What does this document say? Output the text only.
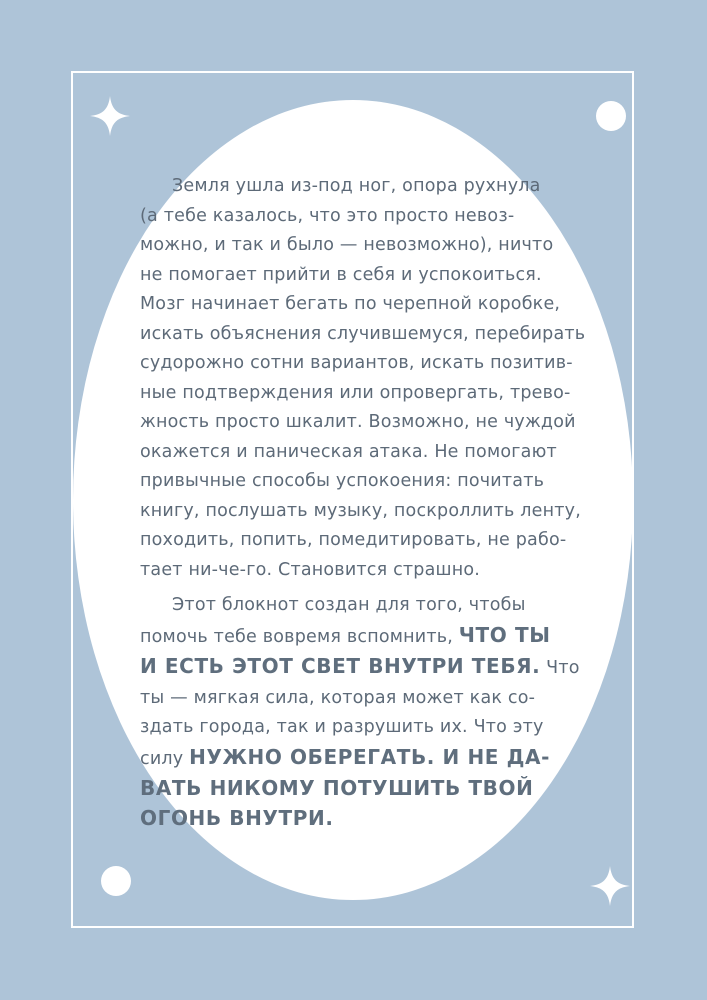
Земля ушла из-под ног, опора рухнула
(а тебе казалось, что это просто невоз-
можно, и так и было — невозможно), ничто
не помогает прийти в себя и успокоиться.
Мозг начинает бегать по черепной коробке,
искать объяснения случившемуся, перебирать
судорожно сотни вариантов, искать позитив-
ные подтверждения или опровергать, трево-
жность просто шкалит. Возможно, не чуждой
окажется и паническая атака. Не помогают
привычные способы успокоения: почитать
книгу, послушать музыку, поскроллить ленту,
походить, попить, помедитировать, не рабо-
тает ни-че-го. Становится страшно.
Этот блокнот создан для того, чтобы
помочь тебе вовремя вспомнить, ЧТО ТЫ
И ЕСТЬ ЭТОТ СВЕТ ВНУТРИ ТЕБЯ. Что
ты — мягкая сила, которая может как со-
здать города, так и разрушить их. Что эту
силу НУЖНО ОБЕРЕГАТЬ. И НЕ ДА-
ВАТЬ НИКОМУ ПОТУШИТЬ ТВОЙ
ОГОНЬ ВНУТРИ.
